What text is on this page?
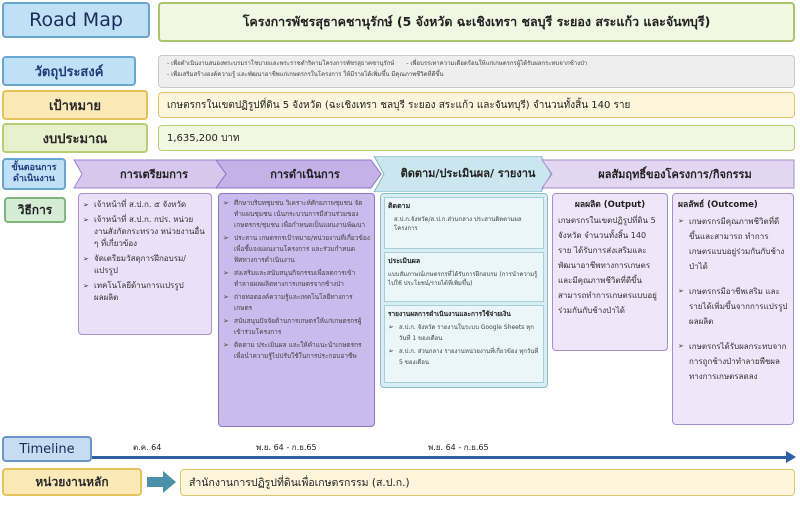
Road Map	โครงการพัชรสุธาคชานุรักษ์ (5 จังหวัด ฉะเชิงเทรา ชลบุรี ระยอง สระแก้ว และจันทบุรี)
วัตถุประสงค์
- เพื่อดำเนินงานสนองพระบรมราโชบายและพระราชดำริตามโครงการพัชรสุธาคชานุรักษ์ - เพื่อบรรเทาความเดือดร้อนให้แก่เกษตรกรผู้ได้รับผลกระทบจากช้างป่า
- เพื่อเสริมสร้างองค์ความรู้ และพัฒนาอาชีพแก่เกษตรกรในโครงการ ให้มีรายได้เพิ่มขึ้น มีคุณภาพชีวิตที่ดีขึ้น
เป้าหมาย	เกษตรกรในเขตปฏิรูปที่ดิน 5 จังหวัด (ฉะเชิงเทรา ชลบุรี ระยอง สระแก้ว และจันทบุรี) จำนวนทั้งสิ้น 140 ราย
งบประมาณ	1,635,200 บาท
ขั้นตอนการดำเนินงาน
วิธีการ
การเตรียมการ	การดำเนินการ	ติดตาม/ประเมินผล/ รายงาน	ผลสัมฤทธิ์ของโครงการ/กิจกรรม
➢ เจ้าหน้าที่ ส.ป.ก. ๕ จังหวัด
➢ เจ้าหน้าที่ ส.ป.ก. กปร. หน่วยงานสังกัดกระทรวง หน่วยงานอื่น ๆ ที่เกี่ยวข้อง
➢ จัดเตรียมวัสดุการฝึกอบรม/ แปรรูป
➢ เทคโนโลยีด้านการแปรรูป ผลผลิต
➢ ศึกษาบริบทชุมชน วิเคราะห์ศักยภาพชุมชน จัดทำแผนชุมชน เน้นกระบวนการมีส่วนร่วมของเกษตรกร/ชุมชน เพื่อกำหนดเป็นแผนงานพัฒนา
➢ ประสาน เกษตรกรเป้าหมาย/หน่วยงานที่เกี่ยวข้อง เพื่อชี้แจงแผนงานโครงการ และร่วมกำหนดทิศทางการดำเนินงาน
➢ ส่งเสริมและสนับสนุนกิจกรรมเพื่อลดการเข้าทำลายผลผลิตทางการเกษตรจากช้างป่า
➢ ถ่ายทอดองค์ความรู้และเทคโนโลยีทางการเกษตร
➢ สนับสนุนปัจจัยด้านการเกษตรให้แก่เกษตรกรผู้เข้าร่วมโครงการ
➢ ติดตาม ประเมินผล และให้คำแนะนำเกษตรกร เพื่อนำความรู้ไปปรับใช้ในการประกอบอาชีพ
ติดตาม
ส.ป.ก.จังหวัด/ส.ป.ก.ส่วนกลาง ประสานติดตามผลโครงการ
ประเมินผล
แบบสัมภาษณ์เกษตรกรที่ได้รับการฝึกอบรม (การนำความรู้ไปใช้ ประโยชน์/รายได้ที่เพิ่มขึ้น)
รายงานผลการดำเนินงานและการใช้จ่ายเงิน
➢ ส.ป.ก. จังหวัด รายงานในระบบ Google Sheets ทุกวันที่ 1 ของเดือน
➢ ส.ป.ก. ส่วนกลาง รายงานหน่วยงานที่เกี่ยวข้อง ทุกวันที่ 5 ของเดือน
ผลผลิต (Output)
เกษตรกรในเขตปฏิรูปที่ดิน 5 จังหวัด จำนวนทั้งสิ้น 140 ราย ได้รับการส่งเสริมและพัฒนาอาชีพทางการเกษตรและมีคุณภาพชีวิตที่ดีขึ้น สามารถทำการเกษตรแบบอยู่ร่วมกันกับช้างป่าได้
ผลลัพธ์ (Outcome)
➢ เกษตรกรมีคุณภาพชีวิตที่ดีขึ้นและสามารถ ทำการเกษตรแบบอยู่ร่วมกันกับช้างป่าได้
➢ เกษตรกรมีอาชีพเสริม และรายได้เพิ่มขึ้นจากการแปรรูปผลผลิต
➢ เกษตรกรได้รับผลกระทบจากการถูกช้างป่าทำลายพืชผลทางการเกษตรลดลง
Timeline	ต.ค. 64	พ.ย. 64 - ก.ย.65	พ.ย. 64 - ก.ย.65
หน่วยงานหลัก	สำนักงานการปฏิรูปที่ดินเพื่อเกษตรกรรม (ส.ป.ก.)
